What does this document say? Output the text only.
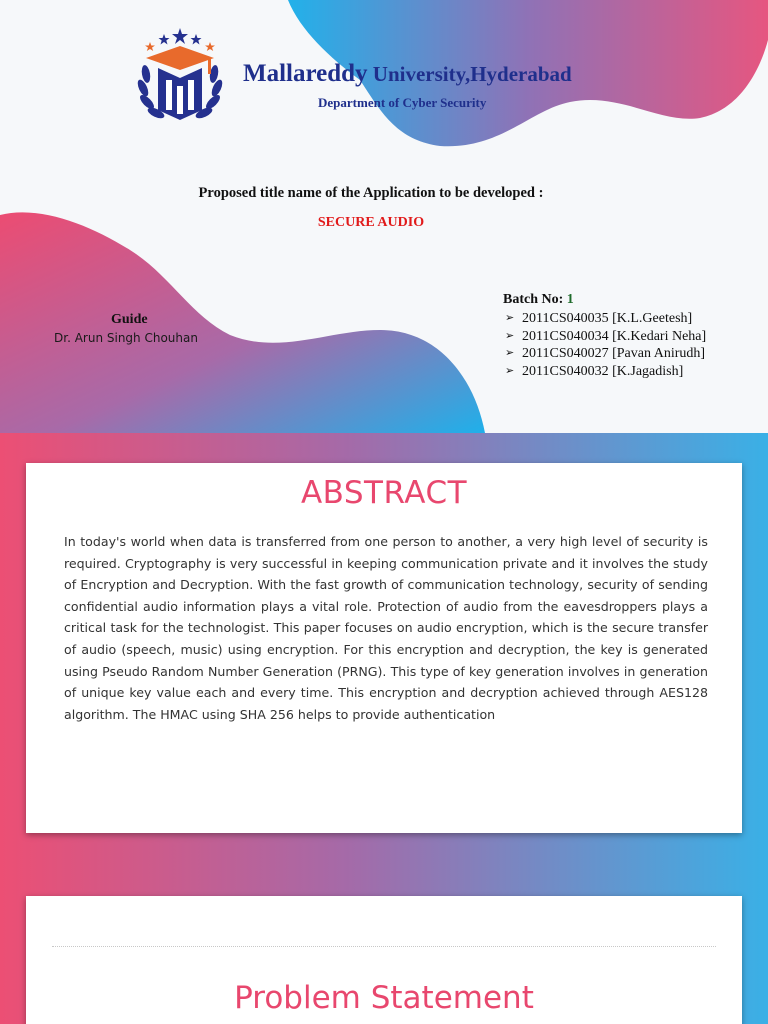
Mallareddy University,Hyderabad
Department of Cyber Security
Proposed title name of the Application to be developed :
SECURE AUDIO
Guide
Dr. Arun Singh Chouhan
Batch No: 1
➢ 2011CS040035 [K.L.Geetesh]
➢ 2011CS040034 [K.Kedari Neha]
➢ 2011CS040027 [Pavan Anirudh]
➢ 2011CS040032 [K.Jagadish]
ABSTRACT

In today's world when data is transferred from one person to another, a very high level of security is required. Cryptography is very successful in keeping communication private and it involves the study of Encryption and Decryption. With the fast growth of communication technology, security of sending confidential audio information plays a vital role. Protection of audio from the eavesdroppers plays a critical task for the technologist. This paper focuses on audio encryption, which is the secure transfer of audio (speech, music) using encryption. For this encryption and decryption, the key is generated using Pseudo Random Number Generation (PRNG). This type of key generation involves in generation of unique key value each and every time. This encryption and decryption achieved through AES128 algorithm. The HMAC using SHA 256 helps to provide authentication

Problem Statement
